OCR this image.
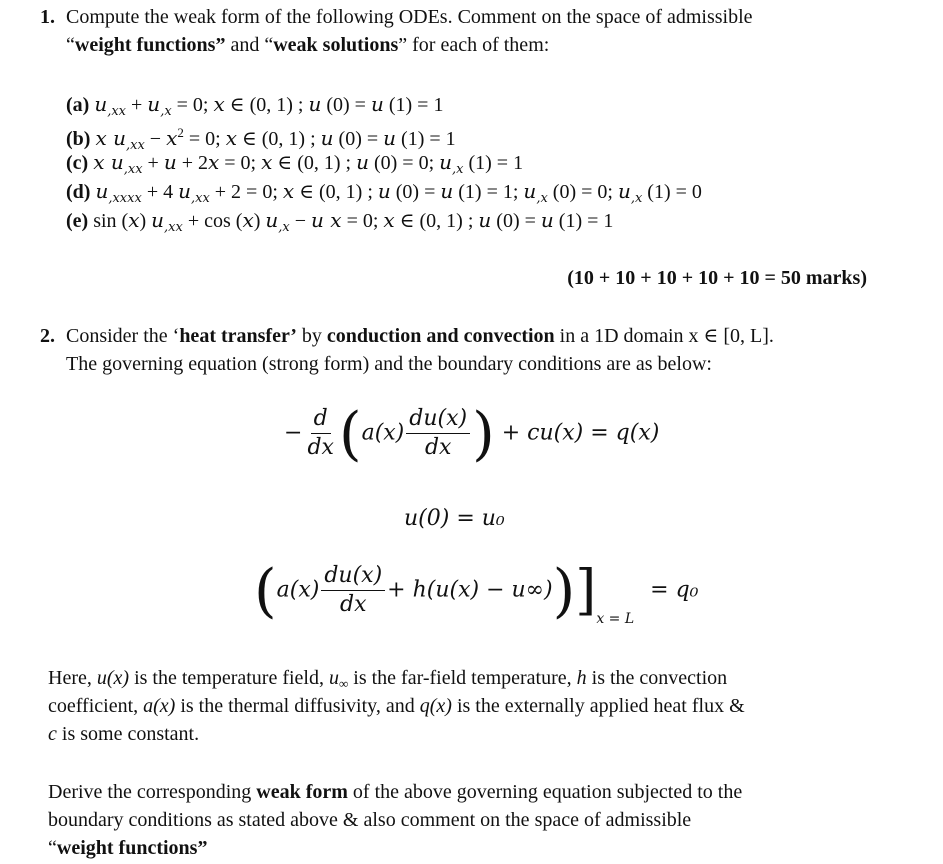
1. Compute the weak form of the following ODEs. Comment on the space of admissible
“weight functions” and “weak solutions” for each of them:
(a) $u_{,xx} + u_{,x} = 0$; x ∈ (0, 1) ; u (0) = u (1) = 1
(b) x $u_{,xx} - x^2 = 0$; x ∈ (0, 1) ; u (0) = u (1) = 1
(c) x $u_{,xx} + u + 2x = 0$; x ∈ (0, 1) ; u (0) = 0; $u_{,x}$ (1) = 1
(d) $u_{,xxxx} + 4$ $u_{,xx} + 2 = 0$; x ∈ (0, 1) ; u (0) = u (1) = 1; $u_{,x}$ (0) = 0; $u_{,x}$ (1) = 0
(e) sin (x) $u_{,xx} + \cos (x) u_{,x} - u$ x = 0; x ∈ (0, 1) ; u (0) = u (1) = 1
(10 + 10 + 10 + 10 + 10 = 50 marks)
2. Consider the ‘heat transfer’ by conduction and convection in a 1D domain x ∈ [0, L].
The governing equation (strong form) and the boundary conditions are as below:
− $\frac{d}{dx} (a(x) \frac{du(x)}{dx}$ ) + cu(x) = q(x)
u(0) = u₀
$(a(x) \frac{du(x)}{dx} + h(u(x) - u\infty))]_{x = L}= q_0$
Here, u(x) is the temperature field, $u_\infty$ is the far-field temperature, h is the convection
coefficient, a(x) is the thermal diffusivity, and q(x) is the externally applied heat flux &
c is some constant.
Derive the corresponding weak form of the above governing equation subjected to the
boundary conditions as stated above & also comment on the space of admissible
“weight functions”
